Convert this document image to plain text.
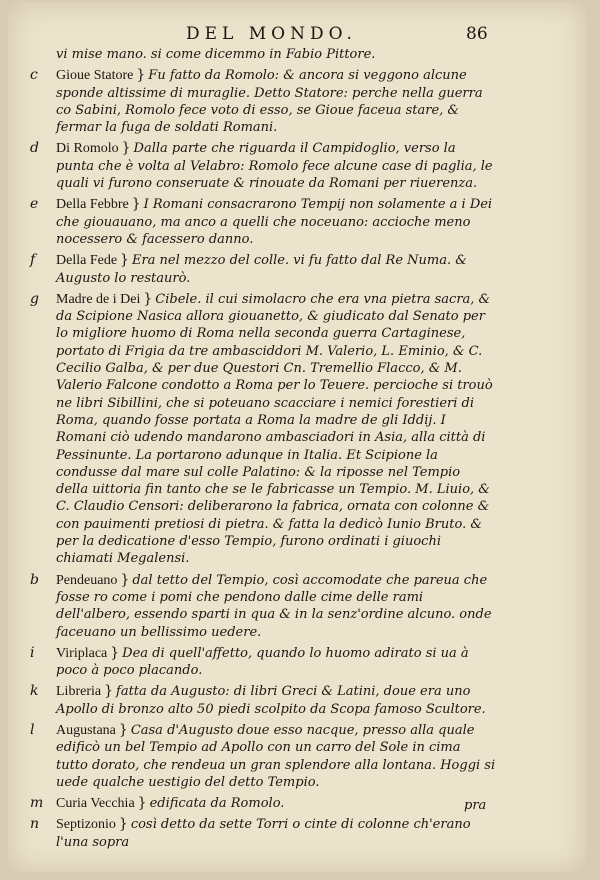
DEL MONDO.	86
vi mise mano. si come dicemmo in Fabio Pittore.
c Gioue Statore } Fu fatto da Romolo: & ancora si veggono alcune sponde altissime di muraglie. Detto Statore: perche nella guerra co Sabini, Romolo fece voto di esso, se Gioue faceua stare, & fermar la fuga de soldati Romani.
d Di Romolo } Dalla parte che riguarda il Campidoglio, verso la punta che è volta al Velabro: Romolo fece alcune case di paglia, le quali vi furono conseruate & rinouate da Romani per riuerenza.
e Della Febbre } I Romani consacrarono Tempij non solamente a i Dei che giouauano, ma anco a quelli che noceuano: accioche meno nocessero & facessero danno.
f Della Fede } Era nel mezzo del colle. vi fu fatto dal Re Numa. & Augusto lo restaurò.
g Madre de i Dei } Cibele. il cui simolacro che era vna pietra sacra, & da Scipione Nasica allora giouanetto, & giudicato dal Senato per lo migliore huomo di Roma nella seconda guerra Cartaginese, portato di Frigia da tre ambasciddori M. Valerio, L. Eminio, & C. Cecilio Galba, & per due Questori Cn. Tremellio Flacco, & M. Valerio Falcone condotto a Roma per lo Teuere. percioche si trouò ne libri Sibillini, che si poteuano scacciare i nemici forestieri di Roma, quando fosse portata a Roma la madre de gli Iddij. I Romani ciò udendo mandarono ambasciadori in Asia, alla città di Pessinunte. La portarono adunque in Italia. Et Scipione la condusse dal mare sul colle Palatino: & la riposse nel Tempio della uittoria fin tanto che se le fabricasse un Tempio. M. Liuio, & C. Claudio Censori: deliberarono la fabrica, ornata con colonne & con pauimenti pretiosi di pietra. & fatta la dedicò Iunio Bruto. & per la dedicatione d'esso Tempio, furono ordinati i giuochi chiamati Megalensi.
b Pendeuano } dal tetto del Tempio, così accomodate che pareua che fosse ro come i pomi che pendono dalle cime delle rami dell'albero, essendo sparti in qua & in la senz'ordine alcuno. onde faceuano un bellissimo uedere.
i Viriplaca } Dea di quell'affetto, quando lo huomo adirato si ua à poco à poco placando.
k Libreria } fatta da Augusto: di libri Greci & Latini, doue era uno Apollo di bronzo alto 50 piedi scolpito da Scopa famoso Scultore.
l Augustana } Casa d'Augusto doue esso nacque, presso alla quale edificò un bel Tempio ad Apollo con un carro del Sole in cima tutto dorato, che rendeua un gran splendore alla lontana. Hoggi si uede qualche uestigio del detto Tempio.
m Curia Vecchia } edificata da Romolo.
n Septizonio } così detto da sette Torri o cinte di colonne ch'erano l'una sopra
pra
